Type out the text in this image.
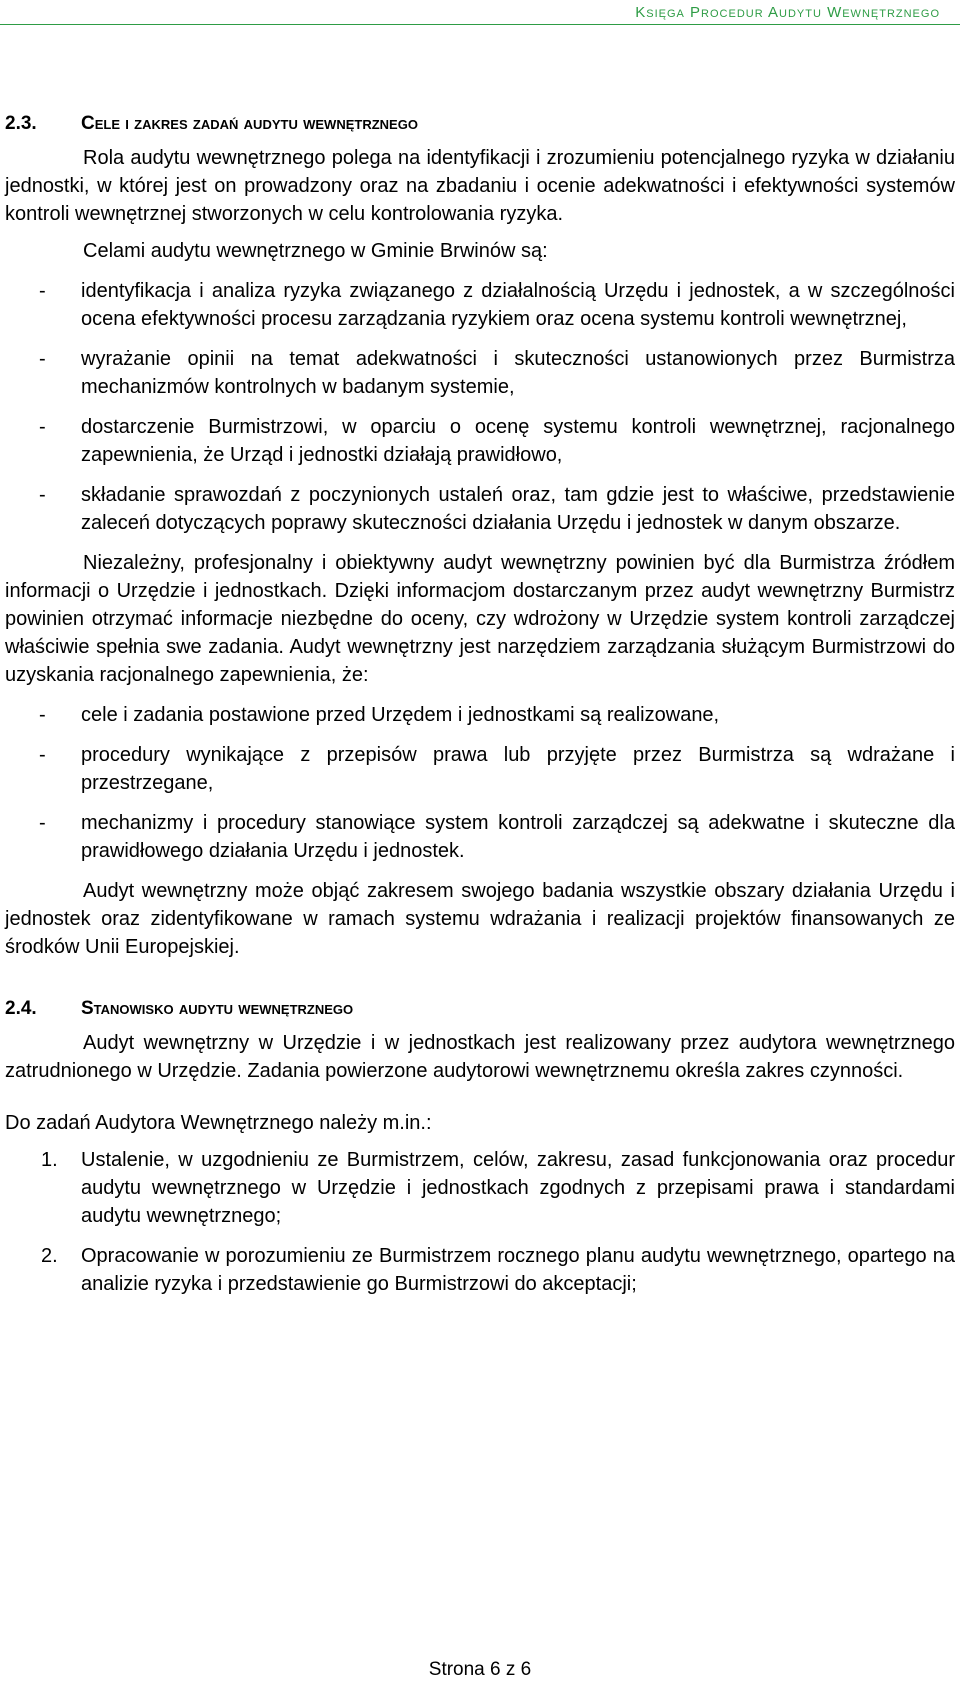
Księga Procedur Audytu Wewnętrznego
2.3. Cele i zakres zadań audytu wewnętrznego

Rola audytu wewnętrznego polega na identyfikacji i zrozumieniu potencjalnego ryzyka w działaniu jednostki, w której jest on prowadzony oraz na zbadaniu i ocenie adekwatności i efektywności systemów kontroli wewnętrznej stworzonych w celu kontrolowania ryzyka.

Celami audytu wewnętrznego w Gminie Brwinów są:

- identyfikacja i analiza ryzyka związanego z działalnością Urzędu i jednostek, a w szczególności ocena efektywności procesu zarządzania ryzykiem oraz ocena systemu kontroli wewnętrznej,
- wyrażanie opinii na temat adekwatności i skuteczności ustanowionych przez Burmistrza mechanizmów kontrolnych w badanym systemie,
- dostarczenie Burmistrzowi, w oparciu o ocenę systemu kontroli wewnętrznej, racjonalnego zapewnienia, że Urząd i jednostki działają prawidłowo,
- składanie sprawozdań z poczynionych ustaleń oraz, tam gdzie jest to właściwe, przedstawienie zaleceń dotyczących poprawy skuteczności działania Urzędu i jednostek w danym obszarze.

Niezależny, profesjonalny i obiektywny audyt wewnętrzny powinien być dla Burmistrza źródłem informacji o Urzędzie i jednostkach. Dzięki informacjom dostarczanym przez audyt wewnętrzny Burmistrz powinien otrzymać informacje niezbędne do oceny, czy wdrożony w Urzędzie system kontroli zarządczej właściwie spełnia swe zadania. Audyt wewnętrzny jest narzędziem zarządzania służącym Burmistrzowi do uzyskania racjonalnego zapewnienia, że:

- cele i zadania postawione przed Urzędem i jednostkami są realizowane,
- procedury wynikające z przepisów prawa lub przyjęte przez Burmistrza są wdrażane i przestrzegane,
- mechanizmy i procedury stanowiące system kontroli zarządczej są adekwatne i skuteczne dla prawidłowego działania Urzędu i jednostek.

Audyt wewnętrzny może objąć zakresem swojego badania wszystkie obszary działania Urzędu i jednostek oraz zidentyfikowane w ramach systemu wdrażania i realizacji projektów finansowanych ze środków Unii Europejskiej.

2.4. Stanowisko audytu wewnętrznego

Audyt wewnętrzny w Urzędzie i w jednostkach jest realizowany przez audytora wewnętrznego zatrudnionego w Urzędzie. Zadania powierzone audytorowi wewnętrznemu określa zakres czynności.

Do zadań Audytora Wewnętrznego należy m.in.:

1. Ustalenie, w uzgodnieniu ze Burmistrzem, celów, zakresu, zasad funkcjonowania oraz procedur audytu wewnętrznego w Urzędzie i jednostkach zgodnych z przepisami prawa i standardami audytu wewnętrznego;
2. Opracowanie w porozumieniu ze Burmistrzem rocznego planu audytu wewnętrznego, opartego na analizie ryzyka i przedstawienie go Burmistrzowi do akceptacji;
Strona 6 z 6
